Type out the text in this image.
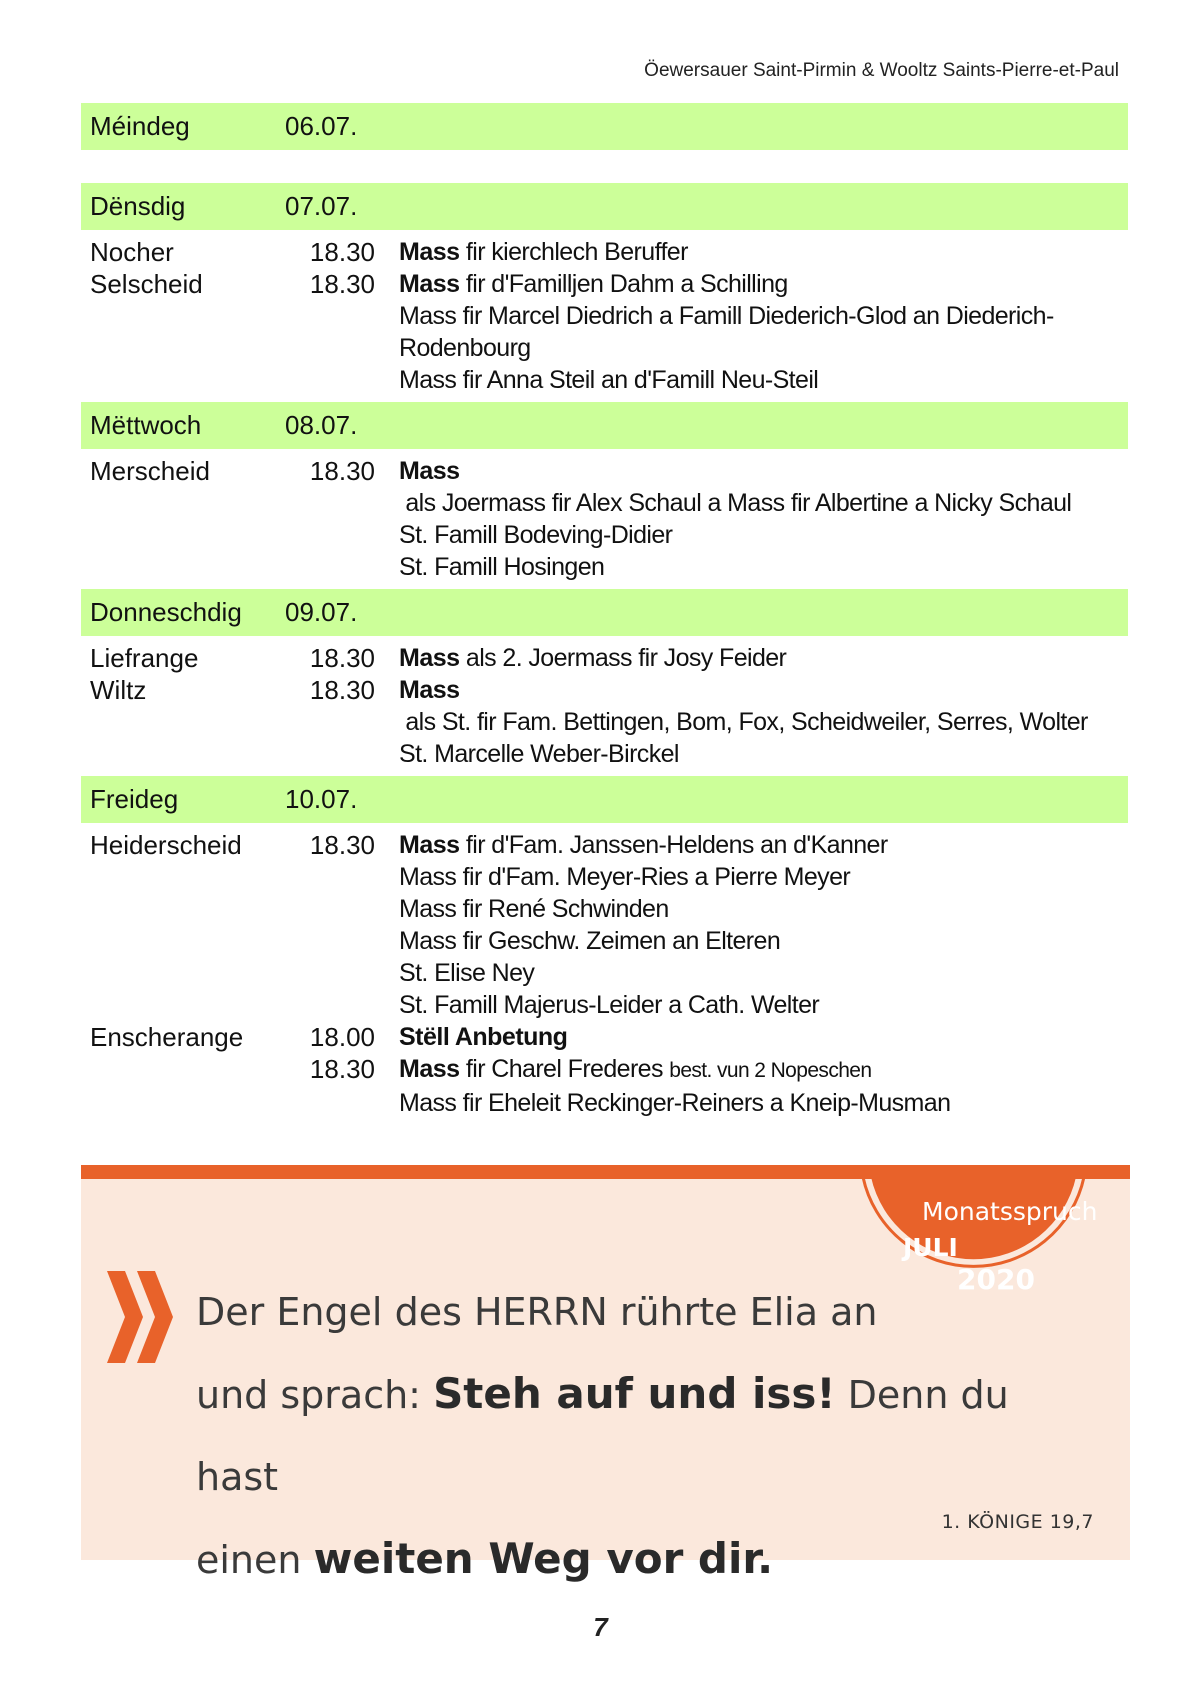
Öewersauer Saint-Pirmin & Wooltz Saints-Pierre-et-Paul
Méindeg	06.07.
Dënsdig	07.07.
Nocher	18.30 Mass fir kierchlech Beruffer
Selscheid	18.30 Mass fir d'Familljen Dahm a Schilling
Mass fir Marcel Diedrich a Famill Diederich-Glod an Diederich-
Rodenbourg
Mass fir Anna Steil an d'Famill Neu-Steil
Mëttwoch	08.07.
Merscheid	18.30 Mass als Joermass fir Alex Schaul a Mass fir Albertine a Nicky Schaul
St. Famill Bodeving-Didier
St. Famill Hosingen
Donneschdig	09.07.
Liefrange	18.30 Mass als 2. Joermass fir Josy Feider
Wiltz	18.30 Mass als St. fir Fam. Bettingen, Bom, Fox, Scheidweiler, Serres, Wolter
St. Marcelle Weber-Birckel
Freideg	10.07.
Heiderscheid	18.30 Mass fir d'Fam. Janssen-Heldens an d'Kanner
Mass fir d'Fam. Meyer-Ries a Pierre Meyer
Mass fir René Schwinden
Mass fir Geschw. Zeimen an Elteren
St. Elise Ney
St. Famill Majerus-Leider a Cath. Welter
Enscherange	18.00 Stëll Anbetung
18.30 Mass fir Charel Frederes best. vun 2 Nopeschen
Mass fir Eheleit Reckinger-Reiners a Kneip-Musman
Der Engel des HERRN rührte Elia an
und sprach: Steh auf und iss! Denn du hast
einen weiten Weg vor dir.
Monatsspruch
JULI
2020
1. KÖNIGE 19,7
7
